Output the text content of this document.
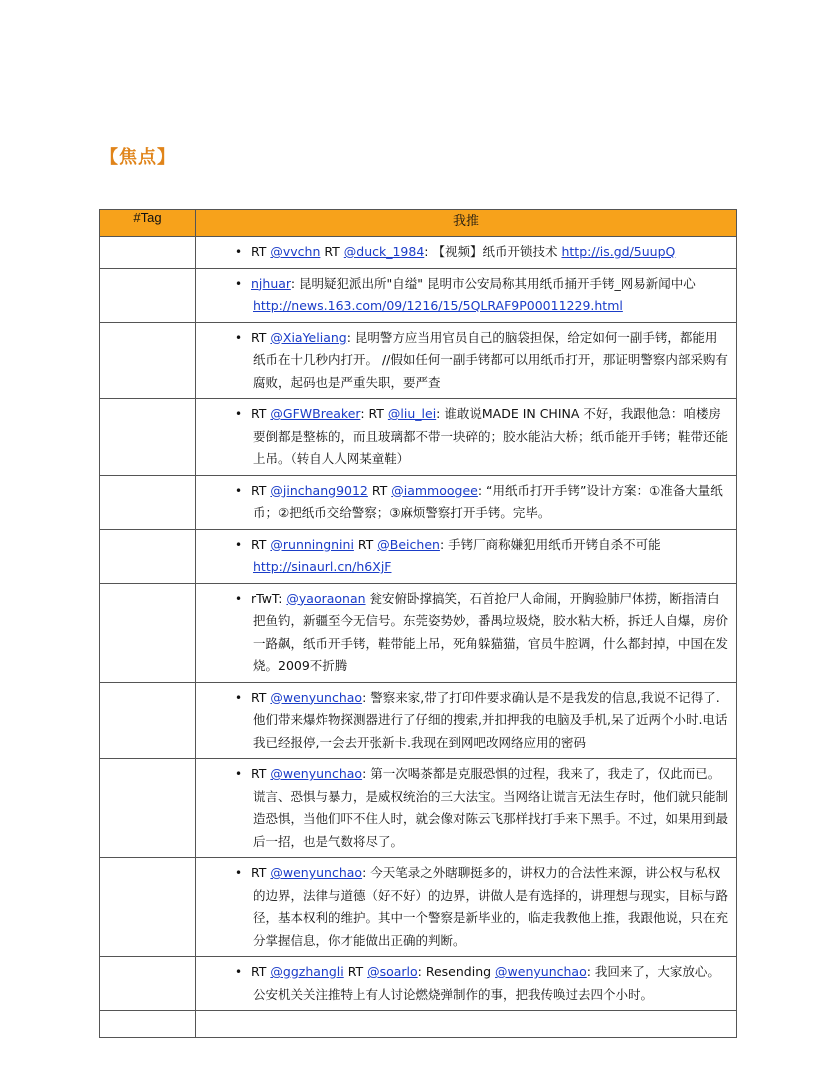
【焦点】
#Tag	我推

	• RT @vvchn RT @duck_1984: 【视频】纸币开锁技术 http://is.gd/5uupQ

	• njhuar: 昆明疑犯派出所"自缢" 昆明市公安局称其用纸币捅开手铐_网易新闻中心 http://news.163.com/09/1216/15/5QLRAF9P00011229.html

	• RT @XiaYeliang: 昆明警方应当用官员自己的脑袋担保，给定如何一副手铐，都能用纸币在十几秒内打开。 //假如任何一副手铐都可以用纸币打开，那证明警察内部采购有腐败，起码也是严重失职，要严查

	• RT @GFWBreaker: RT @liu_lei: 谁敢说MADE IN CHINA 不好，我跟他急：咱楼房要倒都是整栋的，而且玻璃都不带一块碎的；胶水能沾大桥；纸币能开手铐；鞋带还能上吊。（转自人人网某童鞋）

	• RT @jinchang9012 RT @iammoogee: “用纸币打开手铐”设计方案：①准备大量纸币；②把纸币交给警察；③麻烦警察打开手铐。完毕。

	• RT @runningnini RT @Beichen: 手铐厂商称嫌犯用纸币开铐自杀不可能 http://sinaurl.cn/h6XjF

	• rTwT: @yaoraonan 瓮安俯卧撑搞笑，石首抢尸人命闹，开胸验肺尸体捞，断指清白把鱼钓，新疆至今无信号。东莞姿势妙，番禺垃圾烧，胶水粘大桥，拆迁人自爆，房价一路飙，纸币开手铐，鞋带能上吊，死角躲猫猫，官员牛腔调，什么都封掉，中国在发烧。2009不折腾

	• RT @wenyunchao: 警察来家,带了打印件要求确认是不是我发的信息,我说不记得了.他们带来爆炸物探测器进行了仔细的搜索,并扣押我的电脑及手机,呆了近两个小时.电话我已经报停,一会去开张新卡.我现在到网吧改网络应用的密码

	• RT @wenyunchao: 第一次喝茶都是克服恐惧的过程，我来了，我走了，仅此而已。谎言、恐惧与暴力，是威权统治的三大法宝。当网络让谎言无法生存时，他们就只能制造恐惧，当他们吓不住人时，就会像对陈云飞那样找打手来下黑手。不过，如果用到最后一招，也是气数将尽了。

	• RT @wenyunchao: 今天笔录之外瞎聊挺多的，讲权力的合法性来源，讲公权与私权的边界，法律与道德（好不好）的边界，讲做人是有选择的，讲理想与现实，目标与路径，基本权利的维护。其中一个警察是新毕业的，临走我教他上推，我跟他说，只在充分掌握信息，你才能做出正确的判断。

	• RT @ggzhangli RT @soarlo: Resending @wenyunchao: 我回来了，大家放心。公安机关关注推特上有人讨论燃烧弹制作的事，把我传唤过去四个小时。
